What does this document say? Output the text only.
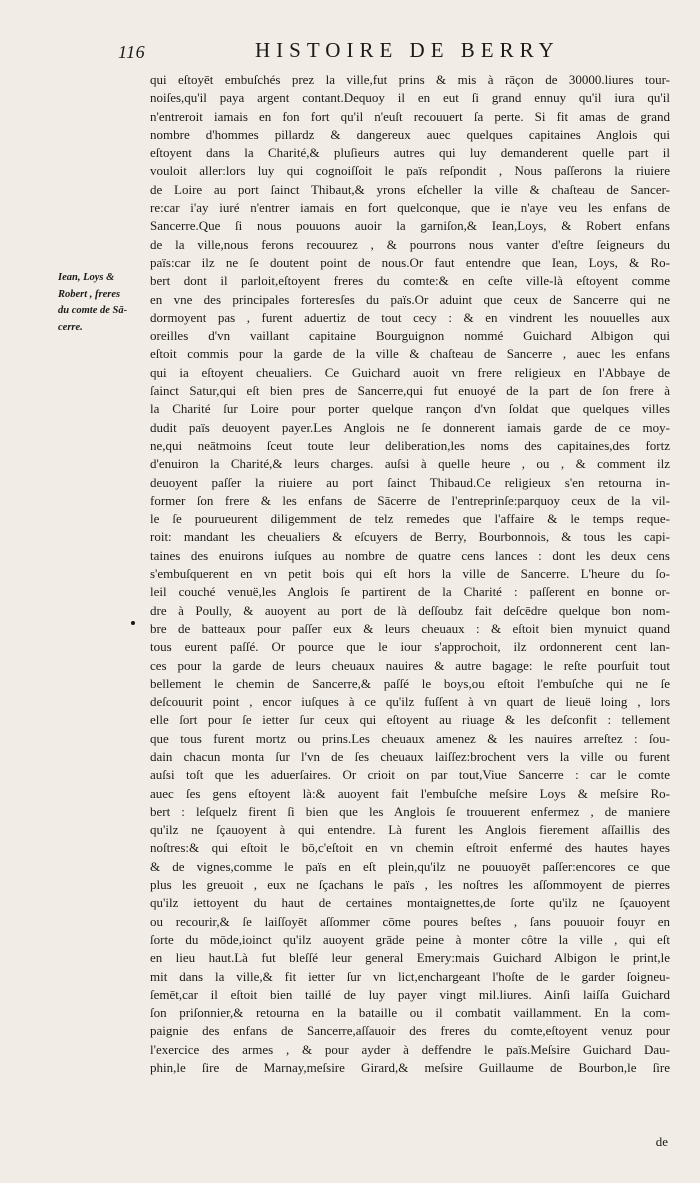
116	HISTOIRE DE BERRY
Iean, Loys &
Robert , freres
du comte de Sā-
cerre.
qui eſtoyēt embuſchés prez la ville,fut prins & mis à rāçon de 30000.liures tour-
noiſes,qu'il paya argent contant.Dequoy il en eut ſi grand ennuy qu'il iura qu'il
n'entreroit iamais en fon fort qu'il n'euſt recouuert ſa perte. Si fit amas de grand
nombre d'hommes pillardz & dangereux auec quelques capitaines Anglois qui
eſtoyent dans la Charité,& pluſieurs autres qui luy demanderent quelle part il
vouloit aller:lors luy qui cognoiſſoit le païs reſpondit , Nous paſſerons la riuiere
de Loire au port ſainct Thibaut,& yrons eſcheller la ville & chaſteau de Sancer-
re:car i'ay iuré n'entrer iamais en fort quelconque, que ie n'aye veu les enfans de
Sancerre.Que ſi nous pouuons auoir la garniſon,& Iean,Loys, & Robert enfans
de la ville,nous ferons recouurez , & pourrons nous vanter d'eſtre ſeigneurs du
païs:car ilz ne ſe doutent point de nous.Or faut entendre que Iean, Loys, & Ro-
bert dont il parloit,eſtoyent freres du comte:& en ceſte ville-là eſtoyent comme
en vne des principales forteresſes du païs.Or aduint que ceux de Sancerre qui ne
dormoyent pas , furent aduertiz de tout cecy : & en vindrent les nouuelles aux
oreilles d'vn vaillant capitaine Bourguignon nommé Guichard Albigon qui
eſtoit commis pour la garde de la ville & chaſteau de Sancerre , auec les enfans
qui ia eſtoyent cheualiers. Ce Guichard auoit vn frere religieux en l'Abbaye de
ſainct Satur,qui eſt bien pres de Sancerre,qui fut enuoyé de la part de ſon frere à
la Charité ſur Loire pour porter quelque rançon d'vn ſoldat que quelques villes
dudit païs deuoyent payer.Les Anglois ne ſe donnerent iamais garde de ce moy-
ne,qui neātmoins ſceut toute leur deliberation,les noms des capitaines,des fortz
d'enuiron la Charité,& leurs charges. auſsi à quelle heure , ou , & comment ilz
deuoyent paſſer la riuiere au port ſainct Thibaud.Ce religieux s'en retourna in-
former ſon frere & les enfans de Sācerre de l'entreprinſe:parquoy ceux de la vil-
le ſe pourueurent diligemment de telz remedes que l'affaire & le temps reque-
roit: mandant les cheualiers & eſcuyers de Berry, Bourbonnois, & tous les capi-
taines des enuirons iuſques au nombre de quatre cens lances : dont les deux cens
s'embuſquerent en vn petit bois qui eſt hors la ville de Sancerre. L'heure du ſo-
leil couché venuë,les Anglois ſe partirent de la Charité : paſſerent en bonne or-
dre à Poully, & auoyent au port de là deſſoubz fait deſcēdre quelque bon nom-
bre de batteaux pour paſſer eux & leurs cheuaux : & eſtoit bien mynuict quand
tous eurent paſſé. Or pource que le iour s'approchoit, ilz ordonnerent cent lan-
ces pour la garde de leurs cheuaux nauires & autre bagage: le reſte pourſuit tout
bellement le chemin de Sancerre,& paſſé le boys,ou eſtoit l'embuſche qui ne ſe
deſcouurit point , encor iuſques à ce qu'ilz fuſſent à vn quart de lieuë loing , lors
elle ſort pour ſe ietter ſur ceux qui eſtoyent au riuage & les deſconfit : tellement
que tous furent mortz ou prins.Les cheuaux amenez & les nauires arreſtez : ſou-
dain chacun monta ſur l'vn de ſes cheuaux laiſſez:brochent vers la ville ou furent
auſsi toſt que les aduerſaires. Or crioit on par tout,Viue Sancerre : car le comte
auec ſes gens eſtoyent là:& auoyent fait l'embuſche meſsire Loys & meſsire Ro-
bert : leſquelz firent ſi bien que les Anglois ſe trouuerent enfermez , de maniere
qu'ilz ne ſçauoyent à qui entendre. Là furent les Anglois fierement aſſaillis des
noſtres:& qui eſtoit le bō,c'eſtoit en vn chemin eſtroit enfermé des hautes hayes
& de vignes,comme le païs en eſt plein,qu'ilz ne pouuoyēt paſſer:encores ce que
plus les greuoit , eux ne ſçachans le païs , les noſtres les aſſommoyent de pierres
qu'ilz iettoyent du haut de certaines montaignettes,de ſorte qu'ilz ne ſçauoyent
ou recourir,& ſe laiſſoyēt aſſommer cōme poures beſtes , ſans pouuoir fouyr en
ſorte du mōde,ioinct qu'ilz auoyent grāde peine à monter côtre la ville , qui eſt
en lieu haut.Là fut bleſſé leur general Emery:mais Guichard Albigon le print,le
mit dans la ville,& fit ietter ſur vn lict,enchargeant l'hoſte de le garder ſoigneu-
ſemēt,car il eſtoit bien taillé de luy payer vingt mil.liures. Ainſi laiſſa Guichard
ſon priſonnier,& retourna en la bataille ou il combatit vaillamment. En la com-
paignie des enfans de Sancerre,aſſauoir des freres du comte,eſtoyent venuz pour
l'exercice des armes , & pour ayder à deffendre le païs.Meſsire Guichard Dau-
phin,le ſire de Marnay,meſsire Girard,& meſsire Guillaume de Bourbon,le ſire
de
